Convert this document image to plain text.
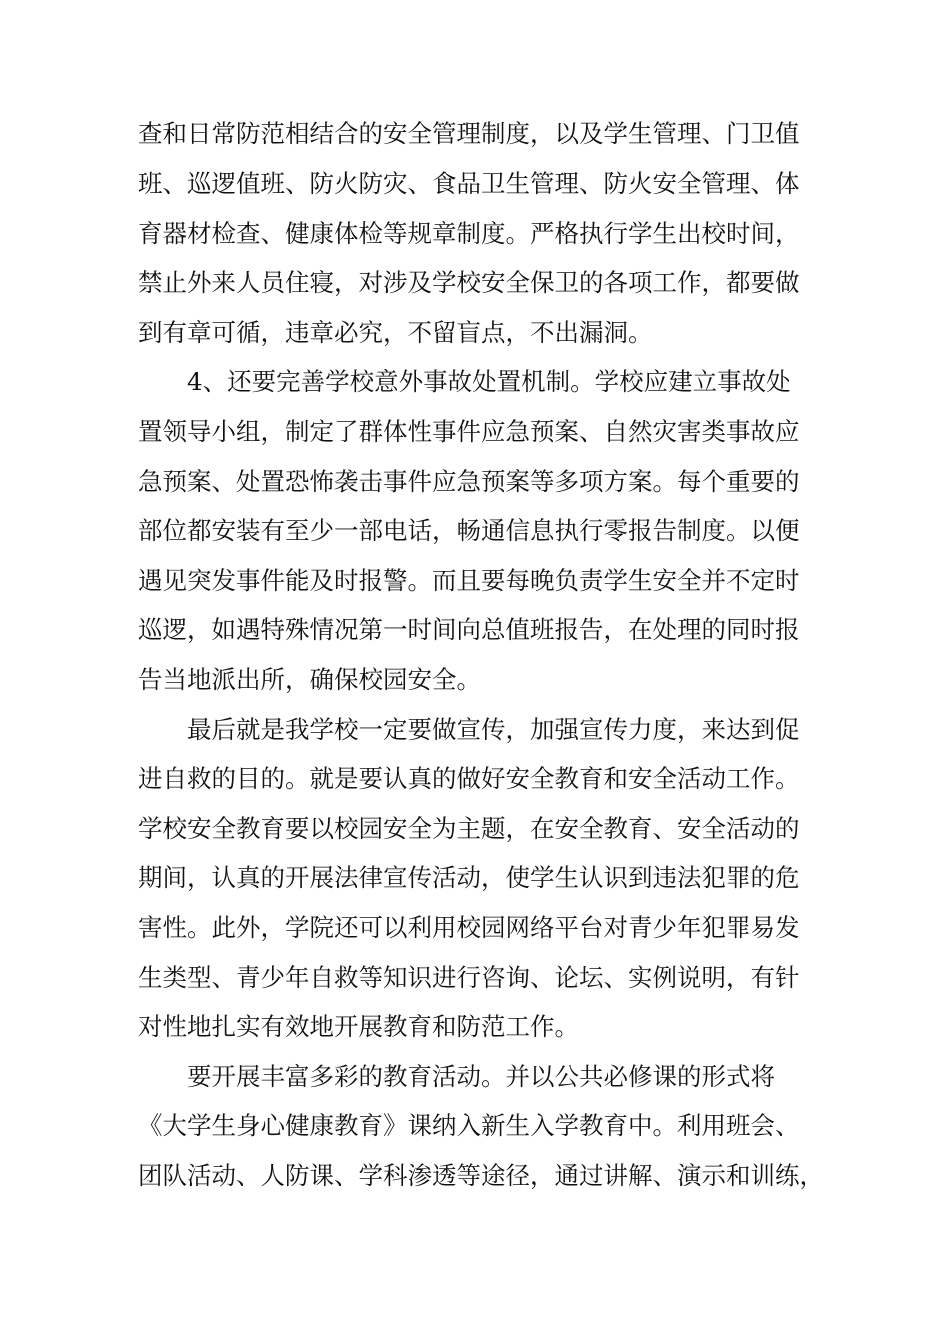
查和日常防范相结合的安全管理制度，以及学生管理、门卫值
班、巡逻值班、防火防灾、食品卫生管理、防火安全管理、体
育器材检查、健康体检等规章制度。严格执行学生出校时间，
禁止外来人员住寝，对涉及学校安全保卫的各项工作，都要做
到有章可循，违章必究，不留盲点，不出漏洞。
4、还要完善学校意外事故处置机制。学校应建立事故处
置领导小组，制定了群体性事件应急预案、自然灾害类事故应
急预案、处置恐怖袭击事件应急预案等多项方案。每个重要的
部位都安装有至少一部电话，畅通信息执行零报告制度。以便
遇见突发事件能及时报警。而且要每晚负责学生安全并不定时
巡逻，如遇特殊情况第一时间向总值班报告，在处理的同时报
告当地派出所，确保校园安全。
最后就是我学校一定要做宣传，加强宣传力度，来达到促
进自救的目的。就是要认真的做好安全教育和安全活动工作。
学校安全教育要以校园安全为主题，在安全教育、安全活动的
期间，认真的开展法律宣传活动，使学生认识到违法犯罪的危
害性。此外，学院还可以利用校园网络平台对青少年犯罪易发
生类型、青少年自救等知识进行咨询、论坛、实例说明，有针
对性地扎实有效地开展教育和防范工作。
要开展丰富多彩的教育活动。并以公共必修课的形式将
《大学生身心健康教育》课纳入新生入学教育中。利用班会、
团队活动、人防课、学科渗透等途径，通过讲解、演示和训练，
